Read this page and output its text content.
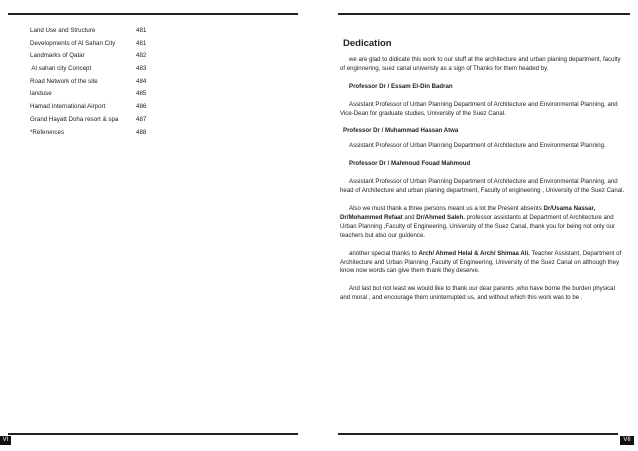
Land Use and Structure	481
Developments of Al Sahan City	481
Landmarks of Qatar	482
Al sahan city Concept	483
Road Network of the site	484
landuse	485
Hamad International Airport	486
Grand Hayatt Doha resort & spa	487
*References	488
Dedication

we are glad to didicate this work to our stuff at the architecture and urban planing department, faculty of enginnering, suez canal univeristy as a sign of Thanks for them headed by.

Professor Dr / Essam El-Din Badran

Assistant Professor of Urban Planning Department of Architecture and Environmental Planning, and Vice-Dean for graduate studies, University of the Suez Canal.

Professor Dr / Muhammad Hassan Atwa

Assistant Professor of Urban Planning Department of Architecture and Environmental Planning.

Professor Dr / Mahmoud Fouad Mahmoud

Assistant Professor of Urban Planning Department of Architecture and Environmental Planning, and head of Architecture and urban planing department, Faculty of engineering , University of the Suez Canal.

Also we must thank a three persons meant us a lot the Present absents Dr/Usama Nassar, Dr/Mohammed Refaat and Dr/Ahmed Saleh. professor assistants at Department of Architecture and Urban Planning ,Faculty of Engineering, University of the Suez Canal, thank you for being not only our teachers but also our guidence.

another special thanks to Arch/ Ahmed Helal & Arch/ Shimaa Ali. Teacher Assistant, Department of Architecture and Urban Planning ,Faculty of Engineering, University of the Suez Canal on although they know now words can give them thank they deserve.

And last but not least we would like to thank our dear parents ,who have borne the burden physical and moral , and encourage them uninterrupted us, and without which this work was to be .

VI	VII
